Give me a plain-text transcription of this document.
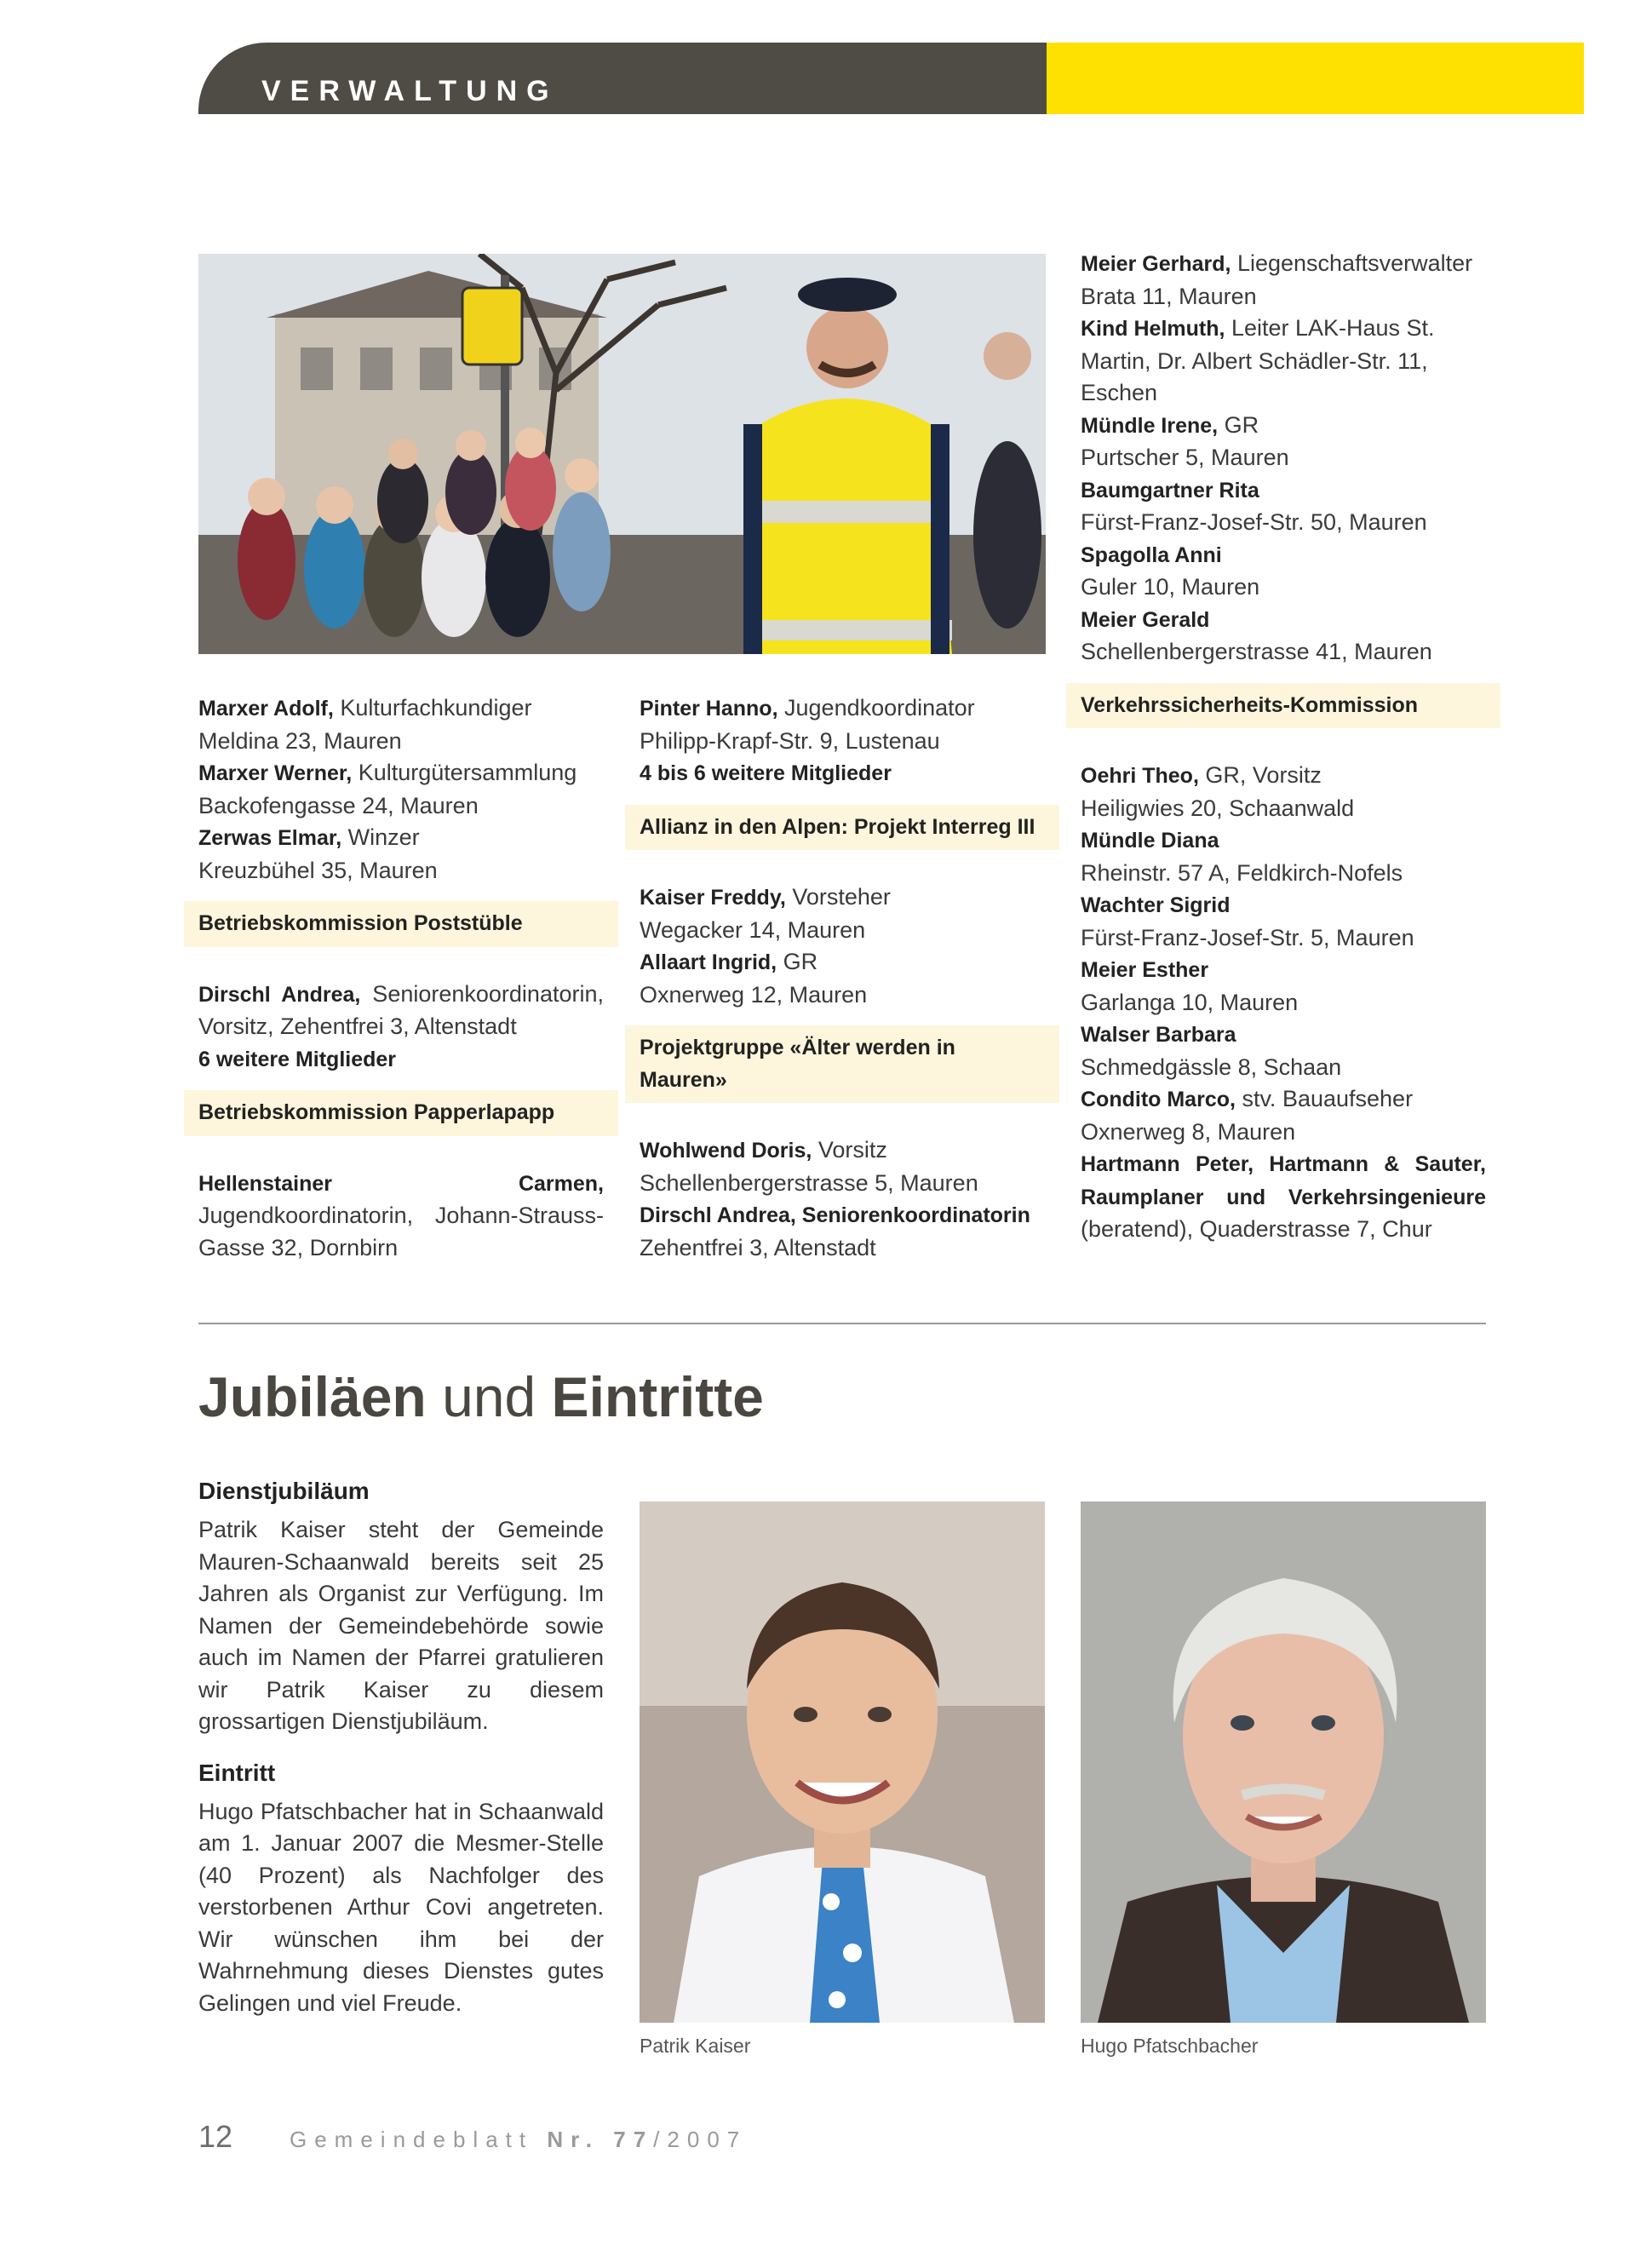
VERWALTUNG

Marxer Adolf, Kulturfachkundiger
Meldina 23, Mauren
Marxer Werner, Kulturgütersammlung
Backofengasse 24, Mauren
Zerwas Elmar, Winzer
Kreuzbühel 35, Mauren

Betriebskommission Poststüble

Dirschl Andrea, Seniorenkoordinatorin, Vorsitz, Zehentfrei 3, Altenstadt
6 weitere Mitglieder

Betriebskommission Papperlapapp

Hellenstainer Carmen, Jugendkoordinatorin, Johann-Strauss-Gasse 32, Dornbirn

Pinter Hanno, Jugendkoordinator
Philipp-Krapf-Str. 9, Lustenau
4 bis 6 weitere Mitglieder

Allianz in den Alpen: Projekt Interreg III

Kaiser Freddy, Vorsteher
Wegacker 14, Mauren
Allaart Ingrid, GR
Oxnerweg 12, Mauren

Projektgruppe «Älter werden in Mauren»

Wohlwend Doris, Vorsitz
Schellenbergerstrasse 5, Mauren
Dirschl Andrea, Seniorenkoordinatorin
Zehentfrei 3, Altenstadt

Meier Gerhard, Liegenschaftsverwalter
Brata 11, Mauren
Kind Helmuth, Leiter LAK-Haus St. Martin, Dr. Albert Schädler-Str. 11, Eschen
Mündle Irene, GR
Purtscher 5, Mauren
Baumgartner Rita
Fürst-Franz-Josef-Str. 50, Mauren
Spagolla Anni
Guler 10, Mauren
Meier Gerald
Schellenbergerstrasse 41, Mauren

Verkehrssicherheits-Kommission

Oehri Theo, GR, Vorsitz
Heiligwies 20, Schaanwald
Mündle Diana
Rheinstr. 57 A, Feldkirch-Nofels
Wachter Sigrid
Fürst-Franz-Josef-Str. 5, Mauren
Meier Esther
Garlanga 10, Mauren
Walser Barbara
Schmedgässle 8, Schaan
Condito Marco, stv. Bauaufseher
Oxnerweg 8, Mauren

Hartmann Peter, Hartmann & Sauter, Raumplaner und Verkehrsingenieure (beratend), Quaderstrasse 7, Chur

Jubiläen und Eintritte
Dienstjubiläum

Patrik Kaiser steht der Gemeinde Mauren-Schaanwald bereits seit 25 Jahren als Organist zur Verfügung. Im Namen der Gemeindebehörde sowie auch im Namen der Pfarrei gratulieren wir Patrik Kaiser zu diesem grossartigen Dienstjubiläum.

Eintritt

Hugo Pfatschbacher hat in Schaanwald am 1. Januar 2007 die Mesmer-Stelle (40 Prozent) als Nachfolger des verstorbenen Arthur Covi angetreten. Wir wünschen ihm bei der Wahrnehmung dieses Dienstes gutes Gelingen und viel Freude.

Patrik Kaiser	Hugo Pfatschbacher
12	Gemeindeblatt Nr. 77/2007
